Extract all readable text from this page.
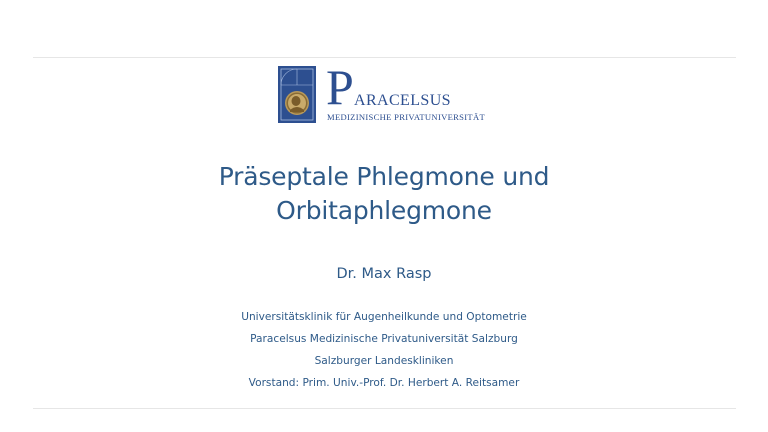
P ARACELSUS
MEDIZINISCHE PRIVATUNIVERSITÄT
Präseptale Phlegmone und
Orbitaphlegmone
Dr. Max Rasp
Universitätsklinik für Augenheilkunde und Optometrie
Paracelsus Medizinische Privatuniversität Salzburg
Salzburger Landeskliniken
Vorstand: Prim. Univ.-Prof. Dr. Herbert A. Reitsamer
